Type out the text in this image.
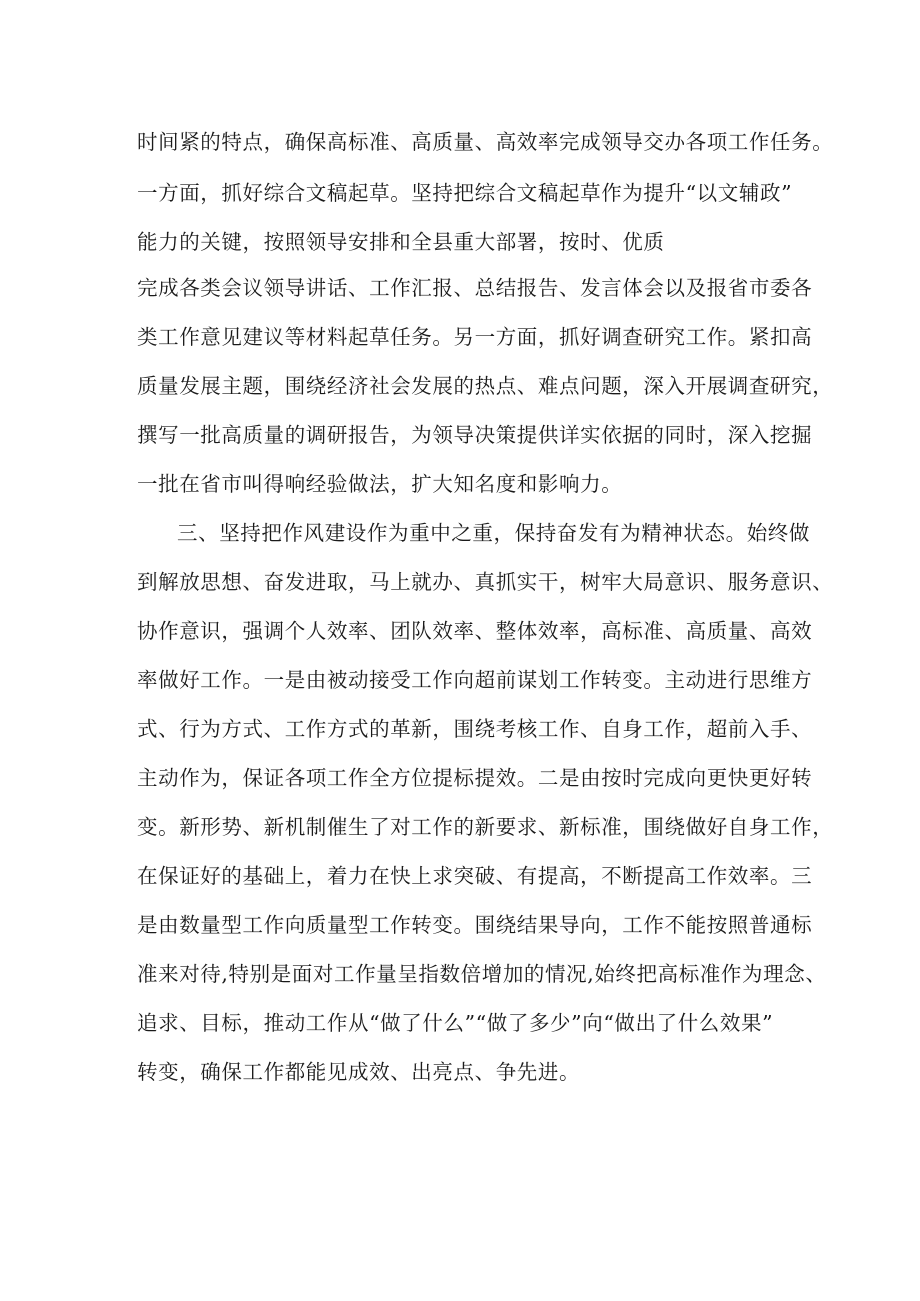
时间紧的特点，确保高标准、高质量、高效率完成领导交办各项工作任务。
一方面，抓好综合文稿起草。坚持把综合文稿起草作为提升“以文辅政”
能力的关键，按照领导安排和全县重大部署，按时、优质
完成各类会议领导讲话、工作汇报、总结报告、发言体会以及报省市委各
类工作意见建议等材料起草任务。另一方面，抓好调查研究工作。紧扣高
质量发展主题，围绕经济社会发展的热点、难点问题，深入开展调查研究，
撰写一批高质量的调研报告，为领导决策提供详实依据的同时，深入挖掘
一批在省市叫得响经验做法，扩大知名度和影响力。
三、坚持把作风建设作为重中之重，保持奋发有为精神状态。始终做
到解放思想、奋发进取，马上就办、真抓实干，树牢大局意识、服务意识、
协作意识，强调个人效率、团队效率、整体效率，高标准、高质量、高效
率做好工作。一是由被动接受工作向超前谋划工作转变。主动进行思维方
式、行为方式、工作方式的革新，围绕考核工作、自身工作，超前入手、
主动作为，保证各项工作全方位提标提效。二是由按时完成向更快更好转
变。新形势、新机制催生了对工作的新要求、新标准，围绕做好自身工作，
在保证好的基础上，着力在快上求突破、有提高，不断提高工作效率。三
是由数量型工作向质量型工作转变。围绕结果导向，工作不能按照普通标
准来对待,特别是面对工作量呈指数倍增加的情况,始终把高标准作为理念、
追求、目标，推动工作从“做了什么”“做了多少”向“做出了什么效果”
转变，确保工作都能见成效、出亮点、争先进。
